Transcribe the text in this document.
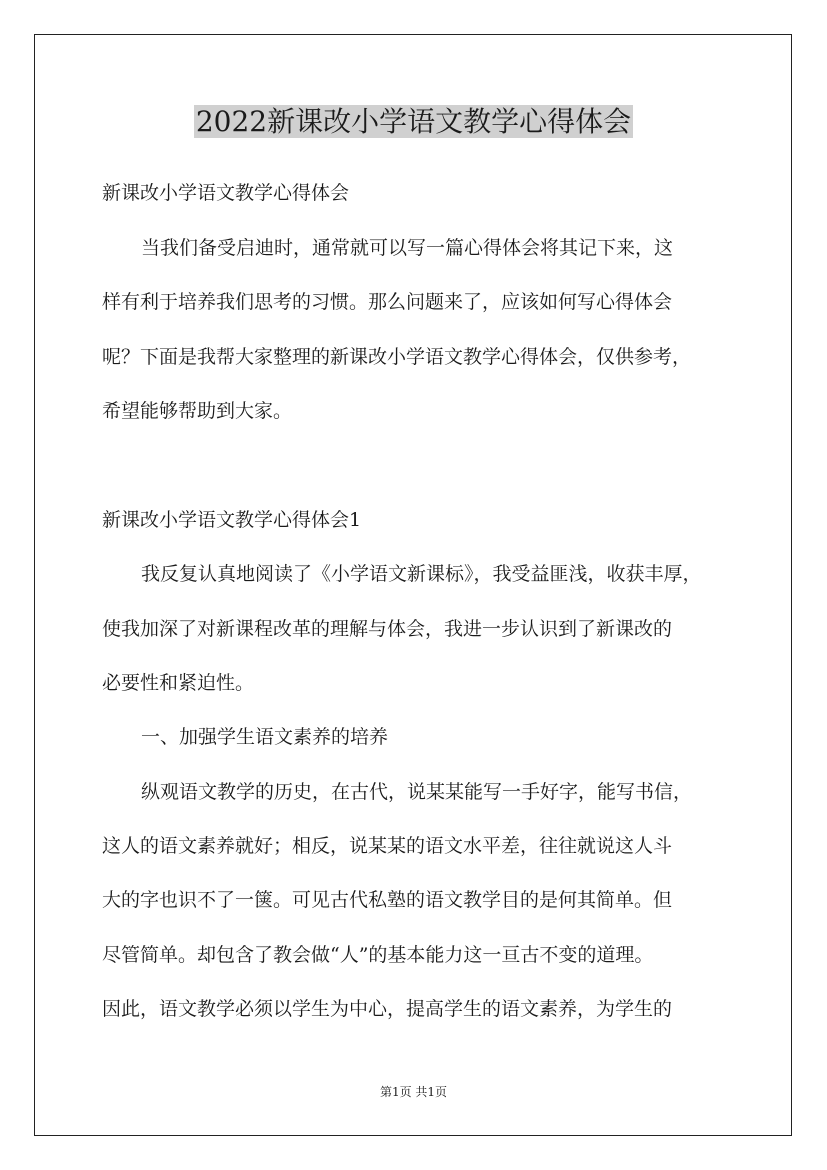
2022新课改小学语文教学心得体会

新课改小学语文教学心得体会

当我们备受启迪时，通常就可以写一篇心得体会将其记下来，这

样有利于培养我们思考的习惯。那么问题来了，应该如何写心得体会

呢？下面是我帮大家整理的新课改小学语文教学心得体会，仅供参考，

希望能够帮助到大家。

新课改小学语文教学心得体会1

我反复认真地阅读了《小学语文新课标》，我受益匪浅，收获丰厚，

使我加深了对新课程改革的理解与体会，我进一步认识到了新课改的

必要性和紧迫性。

一、加强学生语文素养的培养

纵观语文教学的历史，在古代，说某某能写一手好字，能写书信，

这人的语文素养就好；相反，说某某的语文水平差，往往就说这人斗

大的字也识不了一箧。可见古代私塾的语文教学目的是何其简单。但

尽管简单。却包含了教会做“人”的基本能力这一亘古不变的道理。

因此，语文教学必须以学生为中心，提高学生的语文素养，为学生的

第1页 共1页
